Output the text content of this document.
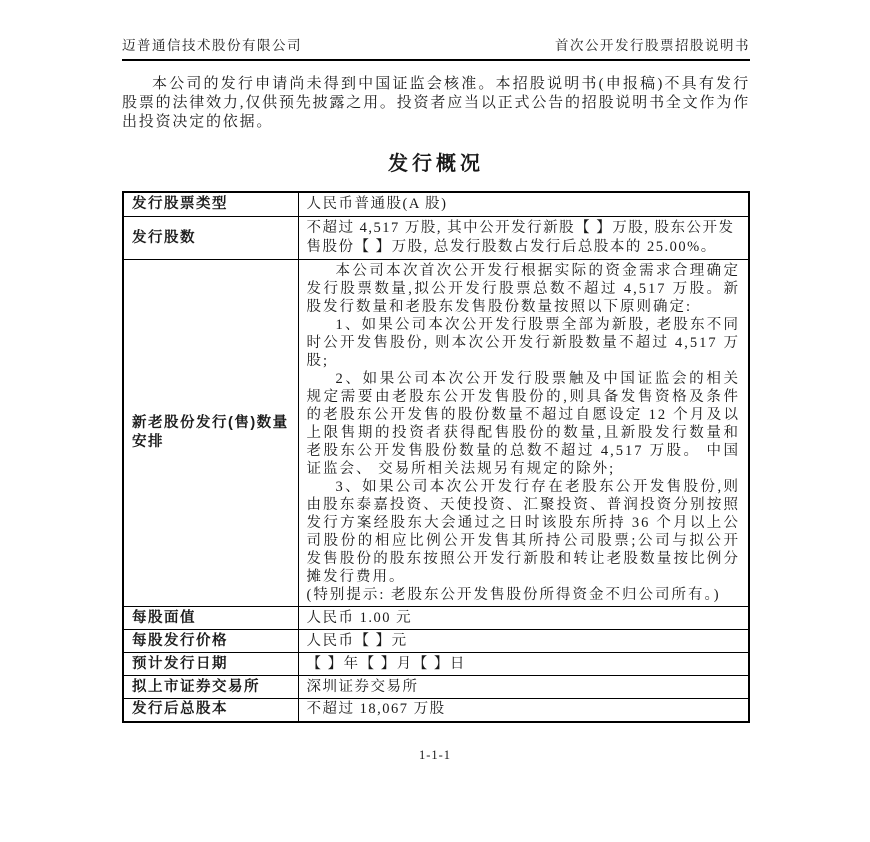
迈普通信技术股份有限公司	首次公开发行股票招股说明书

本公司的发行申请尚未得到中国证监会核准。本招股说明书(申报稿)不具有发行股票的法律效力,仅供预先披露之用。投资者应当以正式公告的招股说明书全文作为作出投资决定的依据。

发行概况
发行股票类型	人民币普通股(A 股)
发行股数	不超过 4,517 万股, 其中公开发行新股【 】万股, 股东公开发售股份【 】万股, 总发行股数占发行后总股本的 25.00%。
新老股份发行(售)数量安排	本公司本次首次公开发行根据实际的资金需求合理确定发行股票数量,拟公开发行股票总数不超过 4,517 万股。新股发行数量和老股东发售股份数量按照以下原则确定:

1、如果公司本次公开发行股票全部为新股, 老股东不同时公开发售股份, 则本次公开发行新股数量不超过 4,517 万股;

2、如果公司本次公开发行股票触及中国证监会的相关规定需要由老股东公开发售股份的,则具备发售资格及条件的老股东公开发售的股份数量不超过自愿设定 12 个月及以上限售期的投资者获得配售股份的数量,且新股发行数量和老股东公开发售股份数量的总数不超过 4,517 万股。 中国证监会、 交易所相关法规另有规定的除外;

3、如果公司本次公开发行存在老股东公开发售股份,则由股东泰嘉投资、天使投资、汇聚投资、普润投资分别按照发行方案经股东大会通过之日时该股东所持 36 个月以上公司股份的相应比例公开发售其所持公司股票;公司与拟公开发售股份的股东按照公开发行新股和转让老股数量按比例分摊发行费用。

(特别提示: 老股东公开发售股份所得资金不归公司所有。)

每股面值	人民币 1.00 元
每股发行价格	人民币【 】元
预计发行日期	【 】年【 】月【 】日
拟上市证券交易所	深圳证券交易所
发行后总股本	不超过 18,067 万股
1-1-1
